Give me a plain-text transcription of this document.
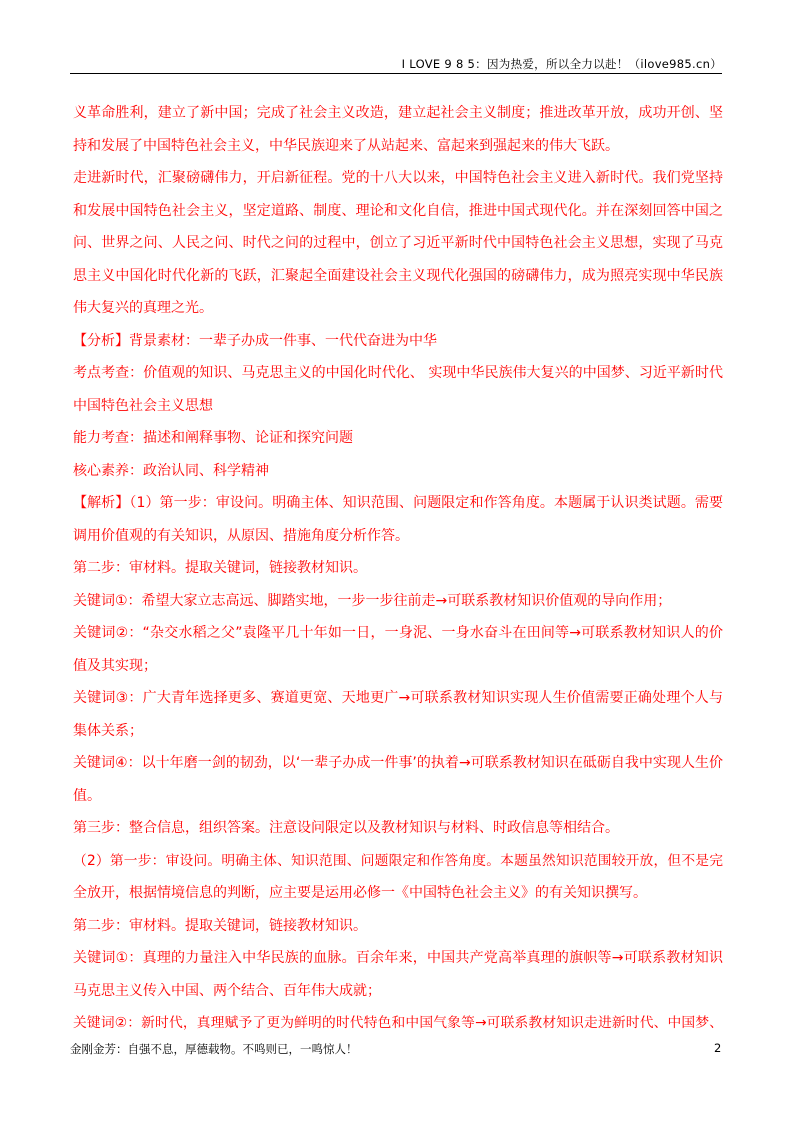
I LOVE 9 8 5：因为热爱，所以全力以赴！（ilove985.cn）
义革命胜利，建立了新中国；完成了社会主义改造，建立起社会主义制度；推进改革开放，成功开创、坚
持和发展了中国特色社会主义，中华民族迎来了从站起来、富起来到强起来的伟大飞跃。
走进新时代，汇聚磅礴伟力，开启新征程。党的十八大以来，中国特色社会主义进入新时代。我们党坚持
和发展中国特色社会主义，坚定道路、制度、理论和文化自信，推进中国式现代化。并在深刻回答中国之
问、世界之问、人民之问、时代之问的过程中，创立了习近平新时代中国特色社会主义思想，实现了马克
思主义中国化时代化新的飞跃，汇聚起全面建设社会主义现代化强国的磅礴伟力，成为照亮实现中华民族
伟大复兴的真理之光。
【分析】背景素材：一辈子办成一件事、一代代奋进为中华
考点考查：价值观的知识、马克思主义的中国化时代化、 实现中华民族伟大复兴的中国梦、习近平新时代
中国特色社会主义思想
能力考查：描述和阐释事物、论证和探究问题
核心素养：政治认同、科学精神
【解析】（1）第一步：审设问。明确主体、知识范围、问题限定和作答角度。本题属于认识类试题。需要
调用价值观的有关知识，从原因、措施角度分析作答。
第二步：审材料。提取关键词，链接教材知识。
关键词①：希望大家立志高远、脚踏实地，一步一步往前走→可联系教材知识价值观的导向作用；
关键词②：“杂交水稻之父”袁隆平几十年如一日，一身泥、一身水奋斗在田间等→可联系教材知识人的价
值及其实现；
关键词③：广大青年选择更多、赛道更宽、天地更广→可联系教材知识实现人生价值需要正确处理个人与
集体关系；
关键词④：以十年磨一剑的韧劲，以‘一辈子办成一件事’的执着→可联系教材知识在砥砺自我中实现人生价
值。
第三步：整合信息，组织答案。注意设问限定以及教材知识与材料、时政信息等相结合。
（2）第一步：审设问。明确主体、知识范围、问题限定和作答角度。本题虽然知识范围较开放，但不是完
全放开，根据情境信息的判断，应主要是运用必修一《中国特色社会主义》的有关知识撰写。
第二步：审材料。提取关键词，链接教材知识。
关键词①：真理的力量注入中华民族的血脉。百余年来，中国共产党高举真理的旗帜等→可联系教材知识
马克思主义传入中国、两个结合、百年伟大成就；
关键词②：新时代，真理赋予了更为鲜明的时代特色和中国气象等→可联系教材知识走进新时代、中国梦、
金刚金芳：自强不息，厚德载物。不鸣则已，一鸣惊人！	2
